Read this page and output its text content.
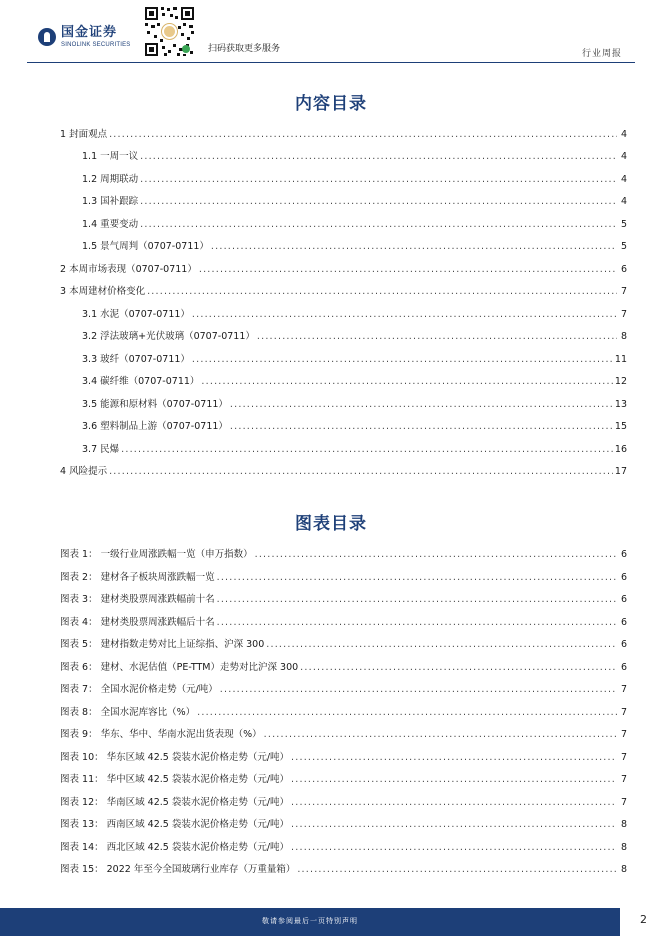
国金证券
SINOLINK SECURITIES	扫码获取更多服务	行业周报
内容目录
1 封面观点 .....	4
1.1 一周一议 .....	4
1.2 周期联动 .....	4
1.3 国补跟踪 .....	4
1.4 重要变动 .....	5
1.5 景气周判（0707-0711） .....	5
2 本周市场表现（0707-0711） .....	6
3 本周建材价格变化 .....	7
3.1 水泥（0707-0711） .....	7
3.2 浮法玻璃+光伏玻璃（0707-0711） .....	8
3.3 玻纤（0707-0711） .....	11
3.4 碳纤维（0707-0711） .....	12
3.5 能源和原材料（0707-0711） .....	13
3.6 塑料制品上游（0707-0711） .....	15
3.7 民爆 .....	16
4 风险提示 .....	17
图表目录
图表 1： 一级行业周涨跌幅一览（申万指数） .....	6
图表 2： 建材各子板块周涨跌幅一览 .....	6
图表 3： 建材类股票周涨跌幅前十名 .....	6
图表 4： 建材类股票周涨跌幅后十名 .....	6
图表 5： 建材指数走势对比上证综指、沪深 300 .....	6
图表 6： 建材、水泥估值（PE-TTM）走势对比沪深 300 .....	6
图表 7： 全国水泥价格走势（元/吨） .....	7
图表 8： 全国水泥库容比（%） .....	7
图表 9： 华东、华中、华南水泥出货表现（%） .....	7
图表 10： 华东区域 42.5 袋装水泥价格走势（元/吨） .....	7
图表 11： 华中区域 42.5 袋装水泥价格走势（元/吨） .....	7
图表 12： 华南区域 42.5 袋装水泥价格走势（元/吨） .....	7
图表 13： 西南区域 42.5 袋装水泥价格走势（元/吨） .....	8
图表 14： 西北区域 42.5 袋装水泥价格走势（元/吨） .....	8
图表 15： 2022 年至今全国玻璃行业库存（万重量箱） .....	8
敬请参阅最后一页特别声明	2
